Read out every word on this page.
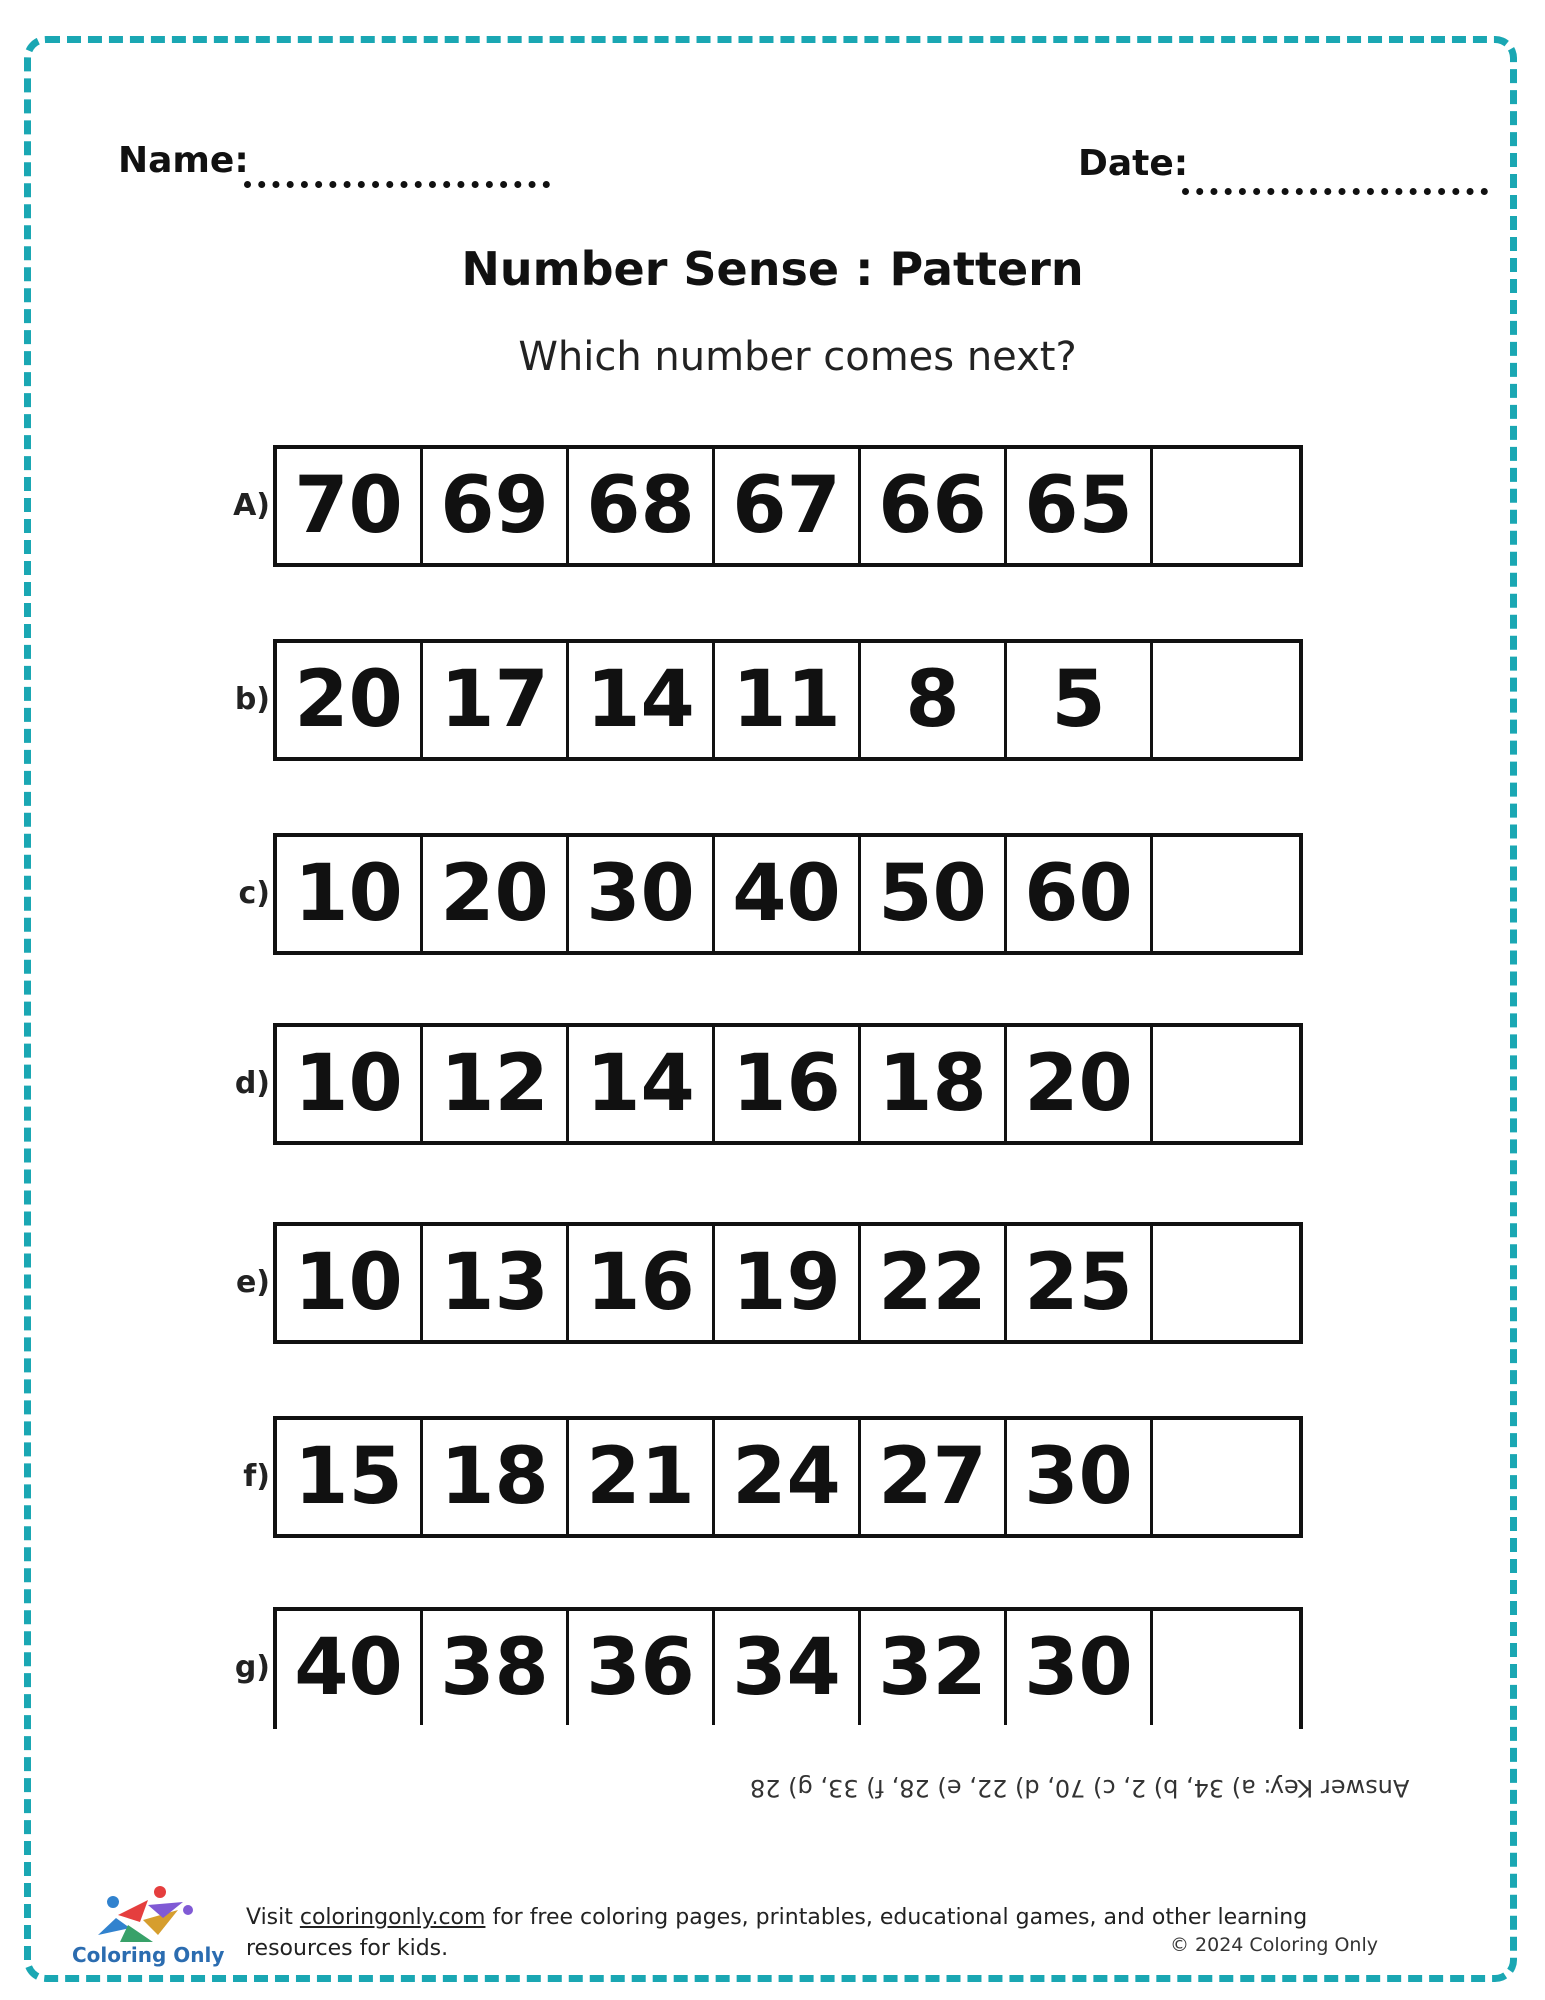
Name:	Date:
Number Sense : Pattern
Which number comes next?
A) 70 69 68 67 66 65
b) 20 17 14 11 8	5
c) 10 20 30 40 50 60
d) 10 12 14 16 18 20
e) 10 13 16 19 22 25
f) 15 18 21 24 27 30
g) 40 38 36 34 32 30
Answer Key: a) 34, b) 2, c) 70, d) 22, e) 28, f) 33, g) 28
Coloring Only
Visit coloringonly.com for free coloring pages, printables, educational games, and other learning resources for kids.	© 2024 Coloring Only
